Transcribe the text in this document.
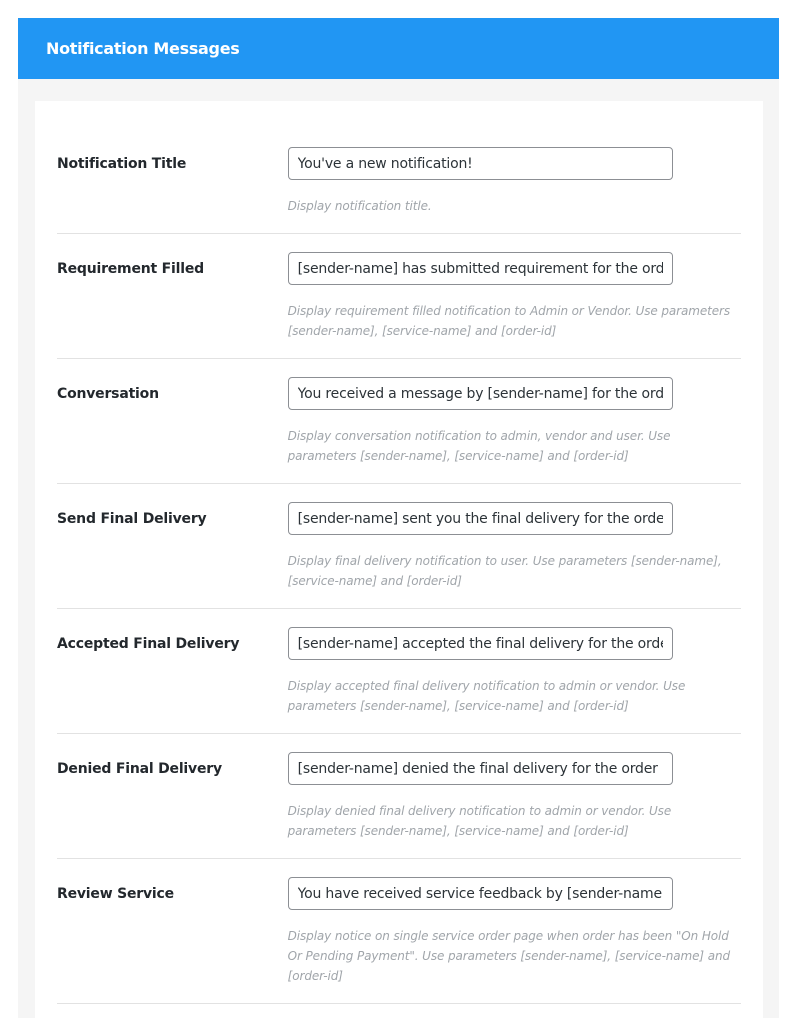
Notification Messages
Notification Title
You've a new notification!
Display notification title.
Requirement Filled
[sender-name] has submitted requirement for the ord
Display requirement filled notification to Admin or Vendor. Use parameters [sender-name], [service-name] and [order-id]
Conversation
You received a message by [sender-name] for the orde
Display conversation notification to admin, vendor and user. Use parameters [sender-name], [service-name] and [order-id]
Send Final Delivery
[sender-name] sent you the final delivery for the order
Display final delivery notification to user. Use parameters [sender-name], [service-name] and [order-id]
Accepted Final Delivery
[sender-name] accepted the final delivery for the orde
Display accepted final delivery notification to admin or vendor. Use parameters [sender-name], [service-name] and [order-id]
Denied Final Delivery
[sender-name] denied the final delivery for the order [
Display denied final delivery notification to admin or vendor. Use parameters [sender-name], [service-name] and [order-id]
Review Service
You have received service feedback by [sender-name]
Display notice on single service order page when order has been "On Hold Or Pending Payment". Use parameters [sender-name], [service-name] and [order-id]
